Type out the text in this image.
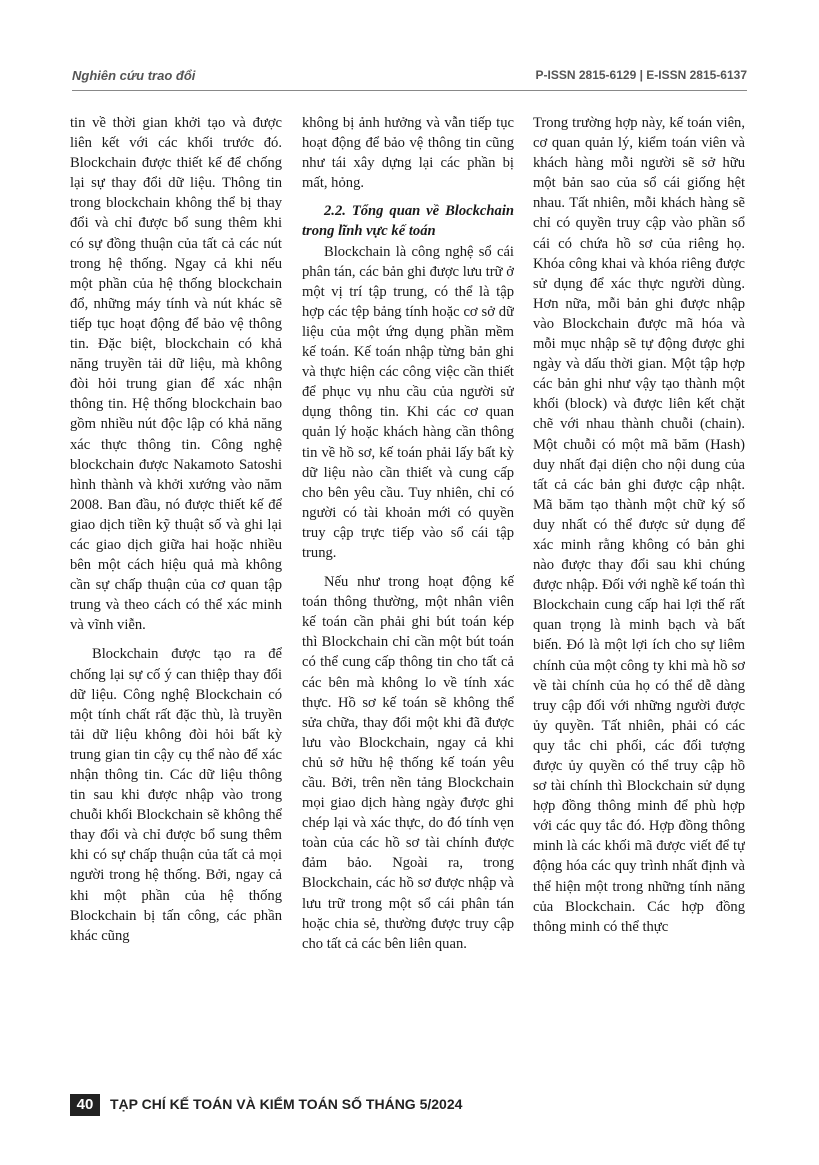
Nghiên cứu trao đổi	P-ISSN 2815-6129 | E-ISSN 2815-6137

tin về thời gian khởi tạo và được liên kết với các khối trước đó. Blockchain được thiết kế để chống lại sự thay đổi dữ liệu. Thông tin trong blockchain không thể bị thay đổi và chỉ được bổ sung thêm khi có sự đồng thuận của tất cả các nút trong hệ thống. Ngay cả khi nếu một phần của hệ thống blockchain đổ, những máy tính và nút khác sẽ tiếp tục hoạt động để bảo vệ thông tin. Đặc biệt, blockchain có khả năng truyền tải dữ liệu, mà không đòi hỏi trung gian để xác nhận thông tin. Hệ thống blockchain bao gồm nhiều nút độc lập có khả năng xác thực thông tin. Công nghệ blockchain được Nakamoto Satoshi hình thành và khởi xướng vào năm 2008. Ban đầu, nó được thiết kế để giao dịch tiền kỹ thuật số và ghi lại các giao dịch giữa hai hoặc nhiều bên một cách hiệu quả mà không cần sự chấp thuận của cơ quan tập trung và theo cách có thể xác minh và vĩnh viễn.

Blockchain được tạo ra để chống lại sự cố ý can thiệp thay đổi dữ liệu. Công nghệ Blockchain có một tính chất rất đặc thù, là truyền tải dữ liệu không đòi hỏi bất kỳ trung gian tin cậy cụ thể nào để xác nhận thông tin. Các dữ liệu thông tin sau khi được nhập vào trong chuỗi khối Blockchain sẽ không thể thay đổi và chỉ được bổ sung thêm khi có sự chấp thuận của tất cả mọi người trong hệ thống. Bởi, ngay cả khi một phần của hệ thống Blockchain bị tấn công, các phần khác cũng

không bị ảnh hưởng và vẫn tiếp tục hoạt động để bảo vệ thông tin cũng như tái xây dựng lại các phần bị mất, hỏng.

2.2. Tổng quan về Blockchain trong lĩnh vực kế toán

Blockchain là công nghệ sổ cái phân tán, các bản ghi được lưu trữ ở một vị trí tập trung, có thể là tập hợp các tệp bảng tính hoặc cơ sở dữ liệu của một ứng dụng phần mềm kế toán. Kế toán nhập từng bản ghi và thực hiện các công việc cần thiết để phục vụ nhu cầu của người sử dụng thông tin. Khi các cơ quan quản lý hoặc khách hàng cần thông tin về hồ sơ, kế toán phải lấy bất kỳ dữ liệu nào cần thiết và cung cấp cho bên yêu cầu. Tuy nhiên, chỉ có người có tài khoản mới có quyền truy cập trực tiếp vào sổ cái tập trung.

Nếu như trong hoạt động kế toán thông thường, một nhân viên kế toán cần phải ghi bút toán kép thì Blockchain chỉ cần một bút toán có thể cung cấp thông tin cho tất cả các bên mà không lo về tính xác thực. Hồ sơ kế toán sẽ không thể sửa chữa, thay đổi một khi đã được lưu vào Blockchain, ngay cả khi chủ sở hữu hệ thống kế toán yêu cầu. Bởi, trên nền tảng Blockchain mọi giao dịch hàng ngày được ghi chép lại và xác thực, do đó tính vẹn toàn của các hồ sơ tài chính được đảm bảo. Ngoài ra, trong Blockchain, các hồ sơ được nhập và lưu trữ trong một sổ cái phân tán hoặc chia sẻ, thường được truy cập cho tất cả các bên liên quan.

Trong trường hợp này, kế toán viên, cơ quan quản lý, kiểm toán viên và khách hàng mỗi người sẽ sở hữu một bản sao của sổ cái giống hệt nhau. Tất nhiên, mỗi khách hàng sẽ chỉ có quyền truy cập vào phần sổ cái có chứa hồ sơ của riêng họ. Khóa công khai và khóa riêng được sử dụng để xác thực người dùng. Hơn nữa, mỗi bản ghi được nhập vào Blockchain được mã hóa và mỗi mục nhập sẽ tự động được ghi ngày và dấu thời gian. Một tập hợp các bản ghi như vậy tạo thành một khối (block) và được liên kết chặt chẽ với nhau thành chuỗi (chain). Một chuỗi có một mã băm (Hash) duy nhất đại diện cho nội dung của tất cả các bản ghi được cập nhật. Mã băm tạo thành một chữ ký số duy nhất có thể được sử dụng để xác minh rằng không có bản ghi nào được thay đổi sau khi chúng được nhập. Đối với nghề kế toán thì Blockchain cung cấp hai lợi thế rất quan trọng là minh bạch và bất biến. Đó là một lợi ích cho sự liêm chính của một công ty khi mà hồ sơ về tài chính của họ có thể dễ dàng truy cập đối với những người được ủy quyền. Tất nhiên, phải có các quy tắc chi phối, các đối tượng được ủy quyền có thể truy cập hồ sơ tài chính thì Blockchain sử dụng hợp đồng thông minh để phù hợp với các quy tắc đó. Hợp đồng thông minh là các khối mã được viết để tự động hóa các quy trình nhất định và thể hiện một trong những tính năng của Blockchain. Các hợp đồng thông minh có thể thực

40	TẠP CHÍ KẾ TOÁN VÀ KIỂM TOÁN SỐ THÁNG 5/2024
